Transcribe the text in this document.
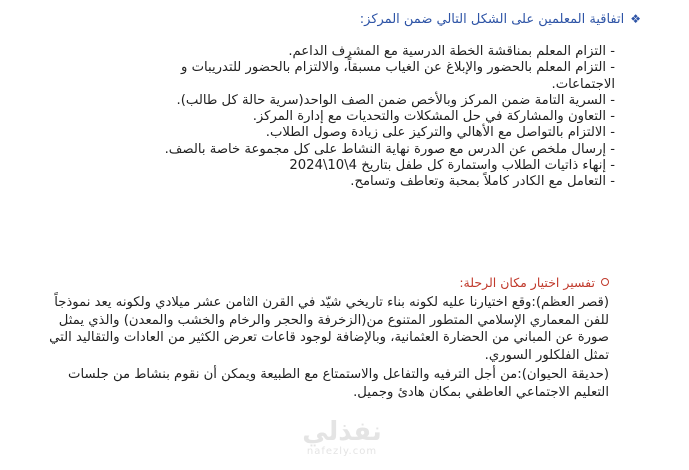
❖
اتفاقية المعلمين على الشكل التالي ضمن المركز:
- التزام المعلم بمناقشة الخطة الدرسية مع المشرف الداعم.
- التزام المعلم بالحضور والإبلاغ عن الغياب مسبقاً، والالتزام بالحضور للتدريبات و الاجتماعات.
- السرية التامة ضمن المركز وبالأخص ضمن الصف الواحد(سرية حالة كل طالب).
- التعاون والمشاركة في حل المشكلات والتحديات مع إدارة المركز.
- الالتزام بالتواصل مع الأهالي والتركيز على زيادة وصول الطلاب.
- إرسال ملخص عن الدرس مع صورة نهاية النشاط على كل مجموعة خاصة بالصف.
- إنهاء ذاتيات الطلاب واستمارة كل طفل بتاريخ 4\10\2024
- التعامل مع الكادر كاملاً بمحبة وتعاطف وتسامح.
تفسير اختيار مكان الرحلة:

(قصر العظم):وقع اختيارنا عليه لكونه بناء تاريخي شيّد في القرن الثامن عشر ميلادي ولكونه يعد نموذجاً للفن المعماري الإسلامي المتطور المتنوع من(الزخرفة والحجر والرخام والخشب والمعدن) والذي يمثل صورة عن المباني من الحضارة العثمانية، وبالإضافة لوجود قاعات تعرض الكثير من العادات والتقاليد التي تمثل الفلكلور السوري.

(حديقة الحيوان):من أجل الترفيه والتفاعل والاستمتاع مع الطبيعة ويمكن أن نقوم بنشاط من جلسات التعليم الاجتماعي العاطفي بمكان هادئ وجميل.

نفذلي
nafezly.com
